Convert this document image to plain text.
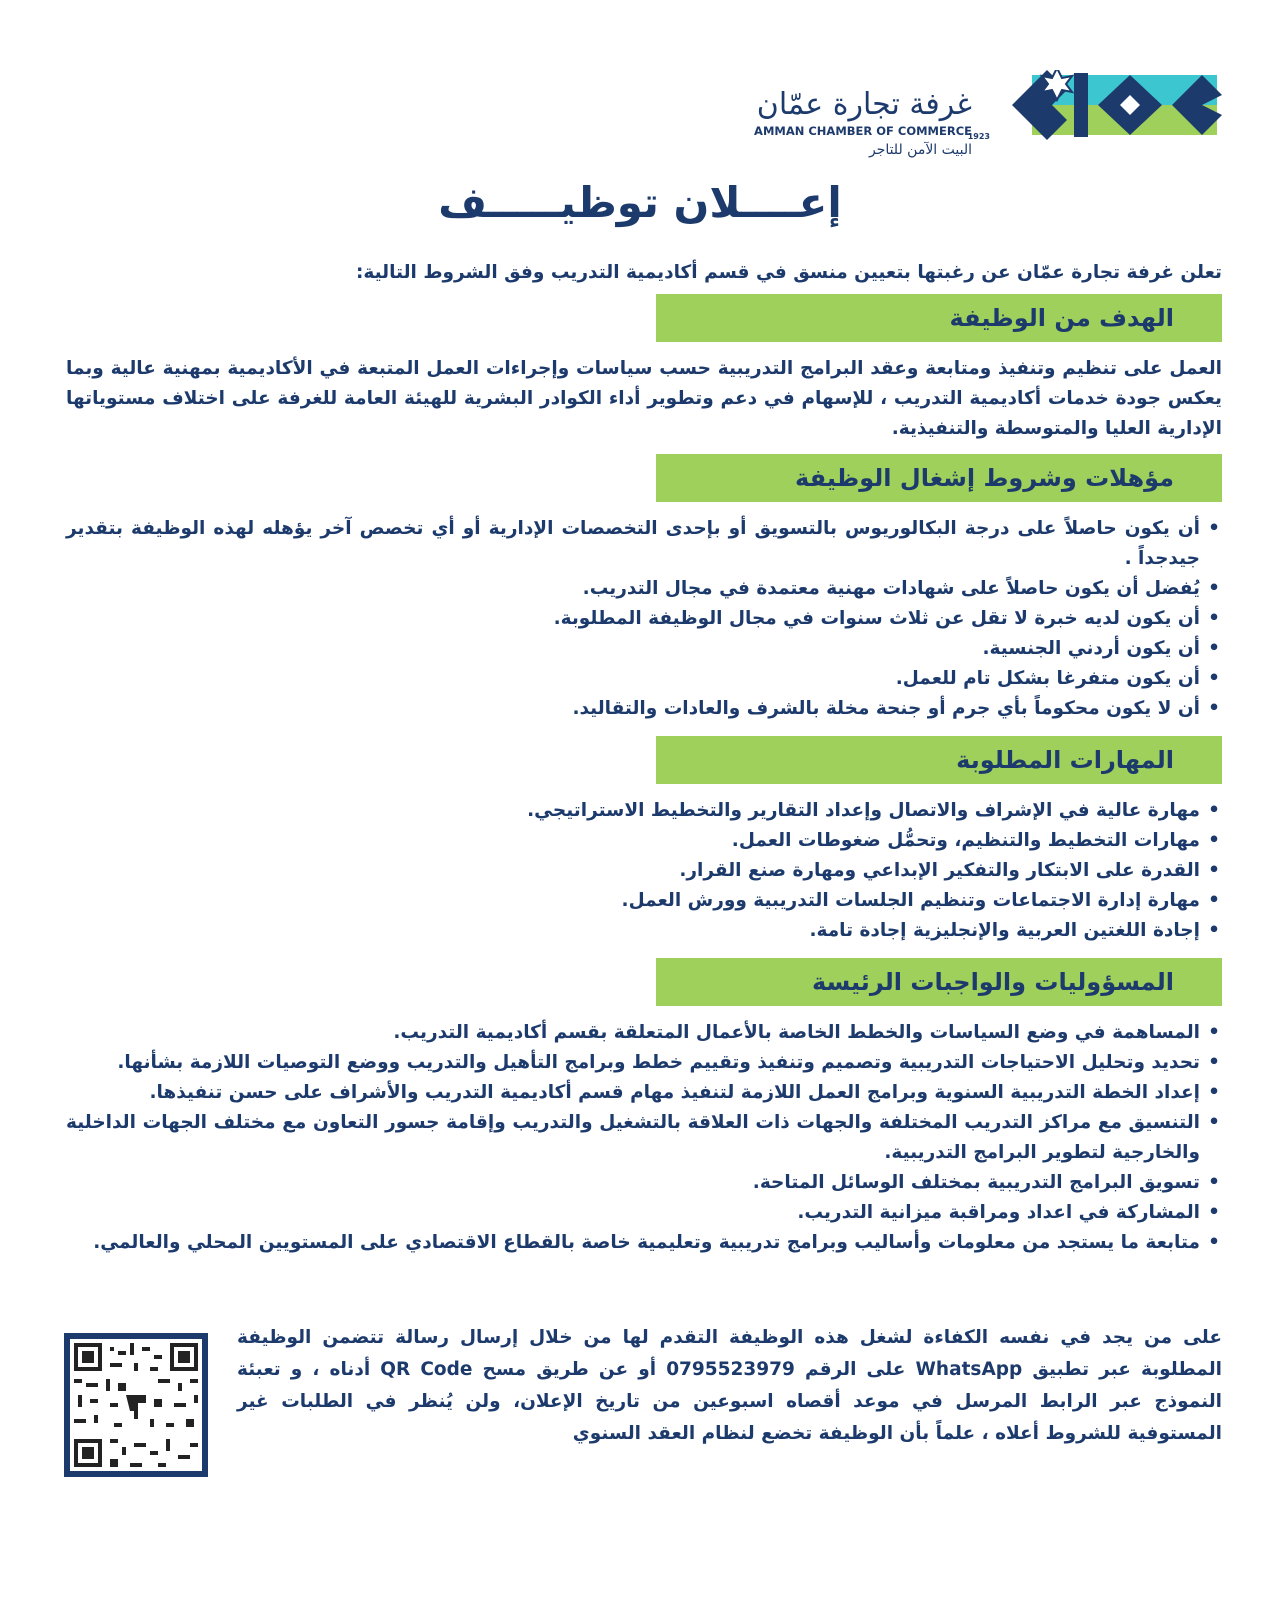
1923
غرفة تجارة عمّان
AMMAN CHAMBER OF COMMERCE
البيت الآمن للتاجر
إعــــلان توظيـــــف
تعلن غرفة تجارة عمّان عن رغبتها بتعيين منسق في قسم أكاديمية التدريب وفق الشروط التالية:
الهدف من الوظيفة

العمل على تنظيم وتنفيذ ومتابعة وعقد البرامج التدريبية حسب سياسات وإجراءات العمل المتبعة في الأكاديمية بمهنية عالية وبما يعكس جودة خدمات أكاديمية التدريب ، للإسهام في دعم وتطوير أداء الكوادر البشرية للهيئة العامة للغرفة على اختلاف مستوياتها الإدارية العليا والمتوسطة والتنفيذية.

مؤهلات وشروط إشغال الوظيفة
• أن يكون حاصلاً على درجة البكالوريوس بالتسويق أو بإحدى التخصصات الإدارية أو أي تخصص آخر يؤهله لهذه الوظيفة بتقدير جيدجداً .
• يُفضل أن يكون حاصلاً على شهادات مهنية معتمدة في مجال التدريب.
• أن يكون لديه خبرة لا تقل عن ثلاث سنوات في مجال الوظيفة المطلوبة.
• أن يكون أردني الجنسية.
• أن يكون متفرغا بشكل تام للعمل.
• أن لا يكون محكوماً بأي جرم أو جنحة مخلة بالشرف والعادات والتقاليد.
المهارات المطلوبة
• مهارة عالية في الإشراف والاتصال وإعداد التقارير والتخطيط الاستراتيجي.
• مهارات التخطيط والتنظيم، وتحمُّل ضغوطات العمل.
• القدرة على الابتكار والتفكير الإبداعي ومهارة صنع القرار.
• مهارة إدارة الاجتماعات وتنظيم الجلسات التدريبية وورش العمل.
• إجادة اللغتين العربية والإنجليزية إجادة تامة.
المسؤوليات والواجبات الرئيسة
• المساهمة في وضع السياسات والخطط الخاصة بالأعمال المتعلقة بقسم أكاديمية التدريب.
• تحديد وتحليل الاحتياجات التدريبية وتصميم وتنفيذ وتقييم خطط وبرامج التأهيل والتدريب ووضع التوصيات اللازمة بشأنها.
• إعداد الخطة التدريبية السنوية وبرامج العمل اللازمة لتنفيذ مهام قسم أكاديمية التدريب والأشراف على حسن تنفيذها.
• التنسيق مع مراكز التدريب المختلفة والجهات ذات العلاقة بالتشغيل والتدريب وإقامة جسور التعاون مع مختلف الجهات الداخلية والخارجية لتطوير البرامج التدريبية.
• تسويق البرامج التدريبية بمختلف الوسائل المتاحة.
• المشاركة في اعداد ومراقبة ميزانية التدريب.
• متابعة ما يستجد من معلومات وأساليب وبرامج تدريبية وتعليمية خاصة بالقطاع الاقتصادي على المستويين المحلي والعالمي.
على من يجد في نفسه الكفاءة لشغل هذه الوظيفة التقدم لها من خلال إرسال رسالة تتضمن الوظيفة المطلوبة عبر تطبيق WhatsApp على الرقم 0795523979 أو عن طريق مسح QR Code أدناه ، و تعبئة النموذج عبر الرابط المرسل في موعد أقصاه اسبوعين من تاريخ الإعلان، ولن يُنظر في الطلبات غير المستوفية للشروط أعلاه ، علماً بأن الوظيفة تخضع لنظام العقد السنوي
